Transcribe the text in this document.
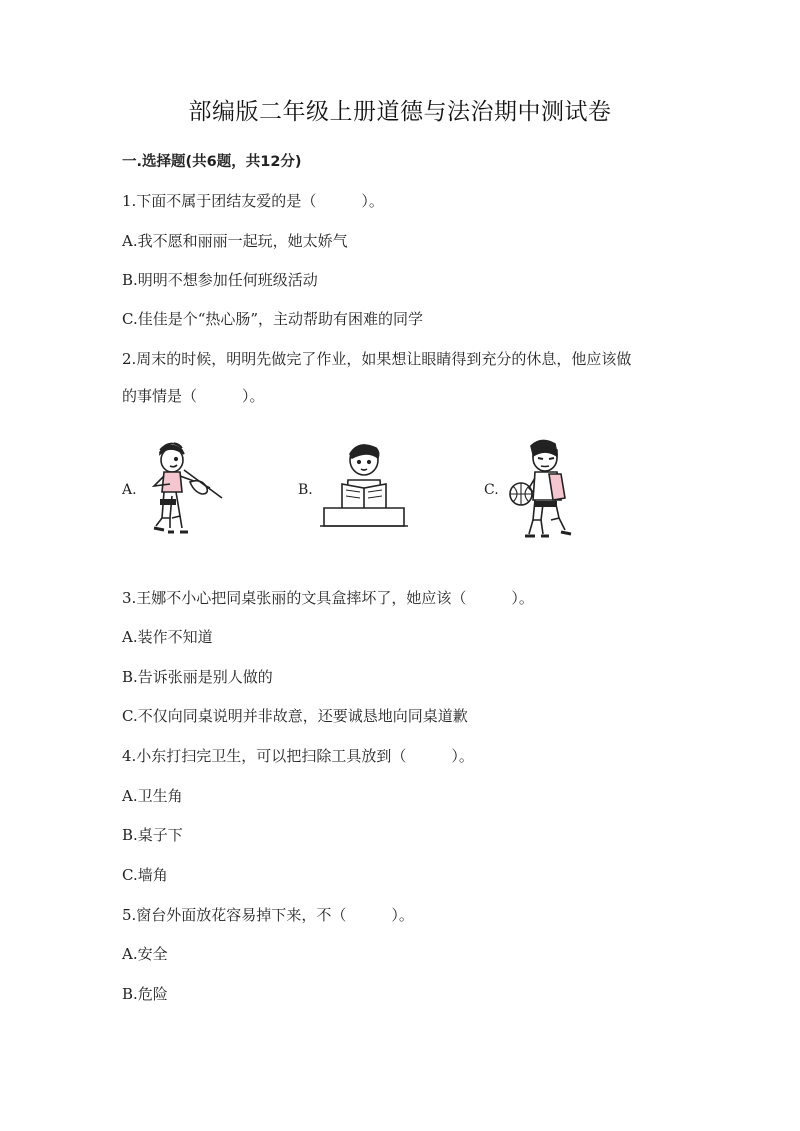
部编版二年级上册道德与法治期中测试卷
一.选择题(共6题，共12分)
1.下面不属于团结友爱的是（　　　）。
A.我不愿和丽丽一起玩，她太娇气
B.明明不想参加任何班级活动
C.佳佳是个“热心肠”，主动帮助有困难的同学
2.周末的时候，明明先做完了作业，如果想让眼睛得到充分的休息，他应该做
的事情是（　　　）。
A.	B.	C.
3.王娜不小心把同桌张丽的文具盒摔坏了，她应该（　　　）。
A.装作不知道
B.告诉张丽是别人做的
C.不仅向同桌说明并非故意，还要诚恳地向同桌道歉
4.小东打扫完卫生，可以把扫除工具放到（　　　）。
A.卫生角
B.桌子下
C.墙角
5.窗台外面放花容易掉下来，不（　　　）。
A.安全
B.危险
